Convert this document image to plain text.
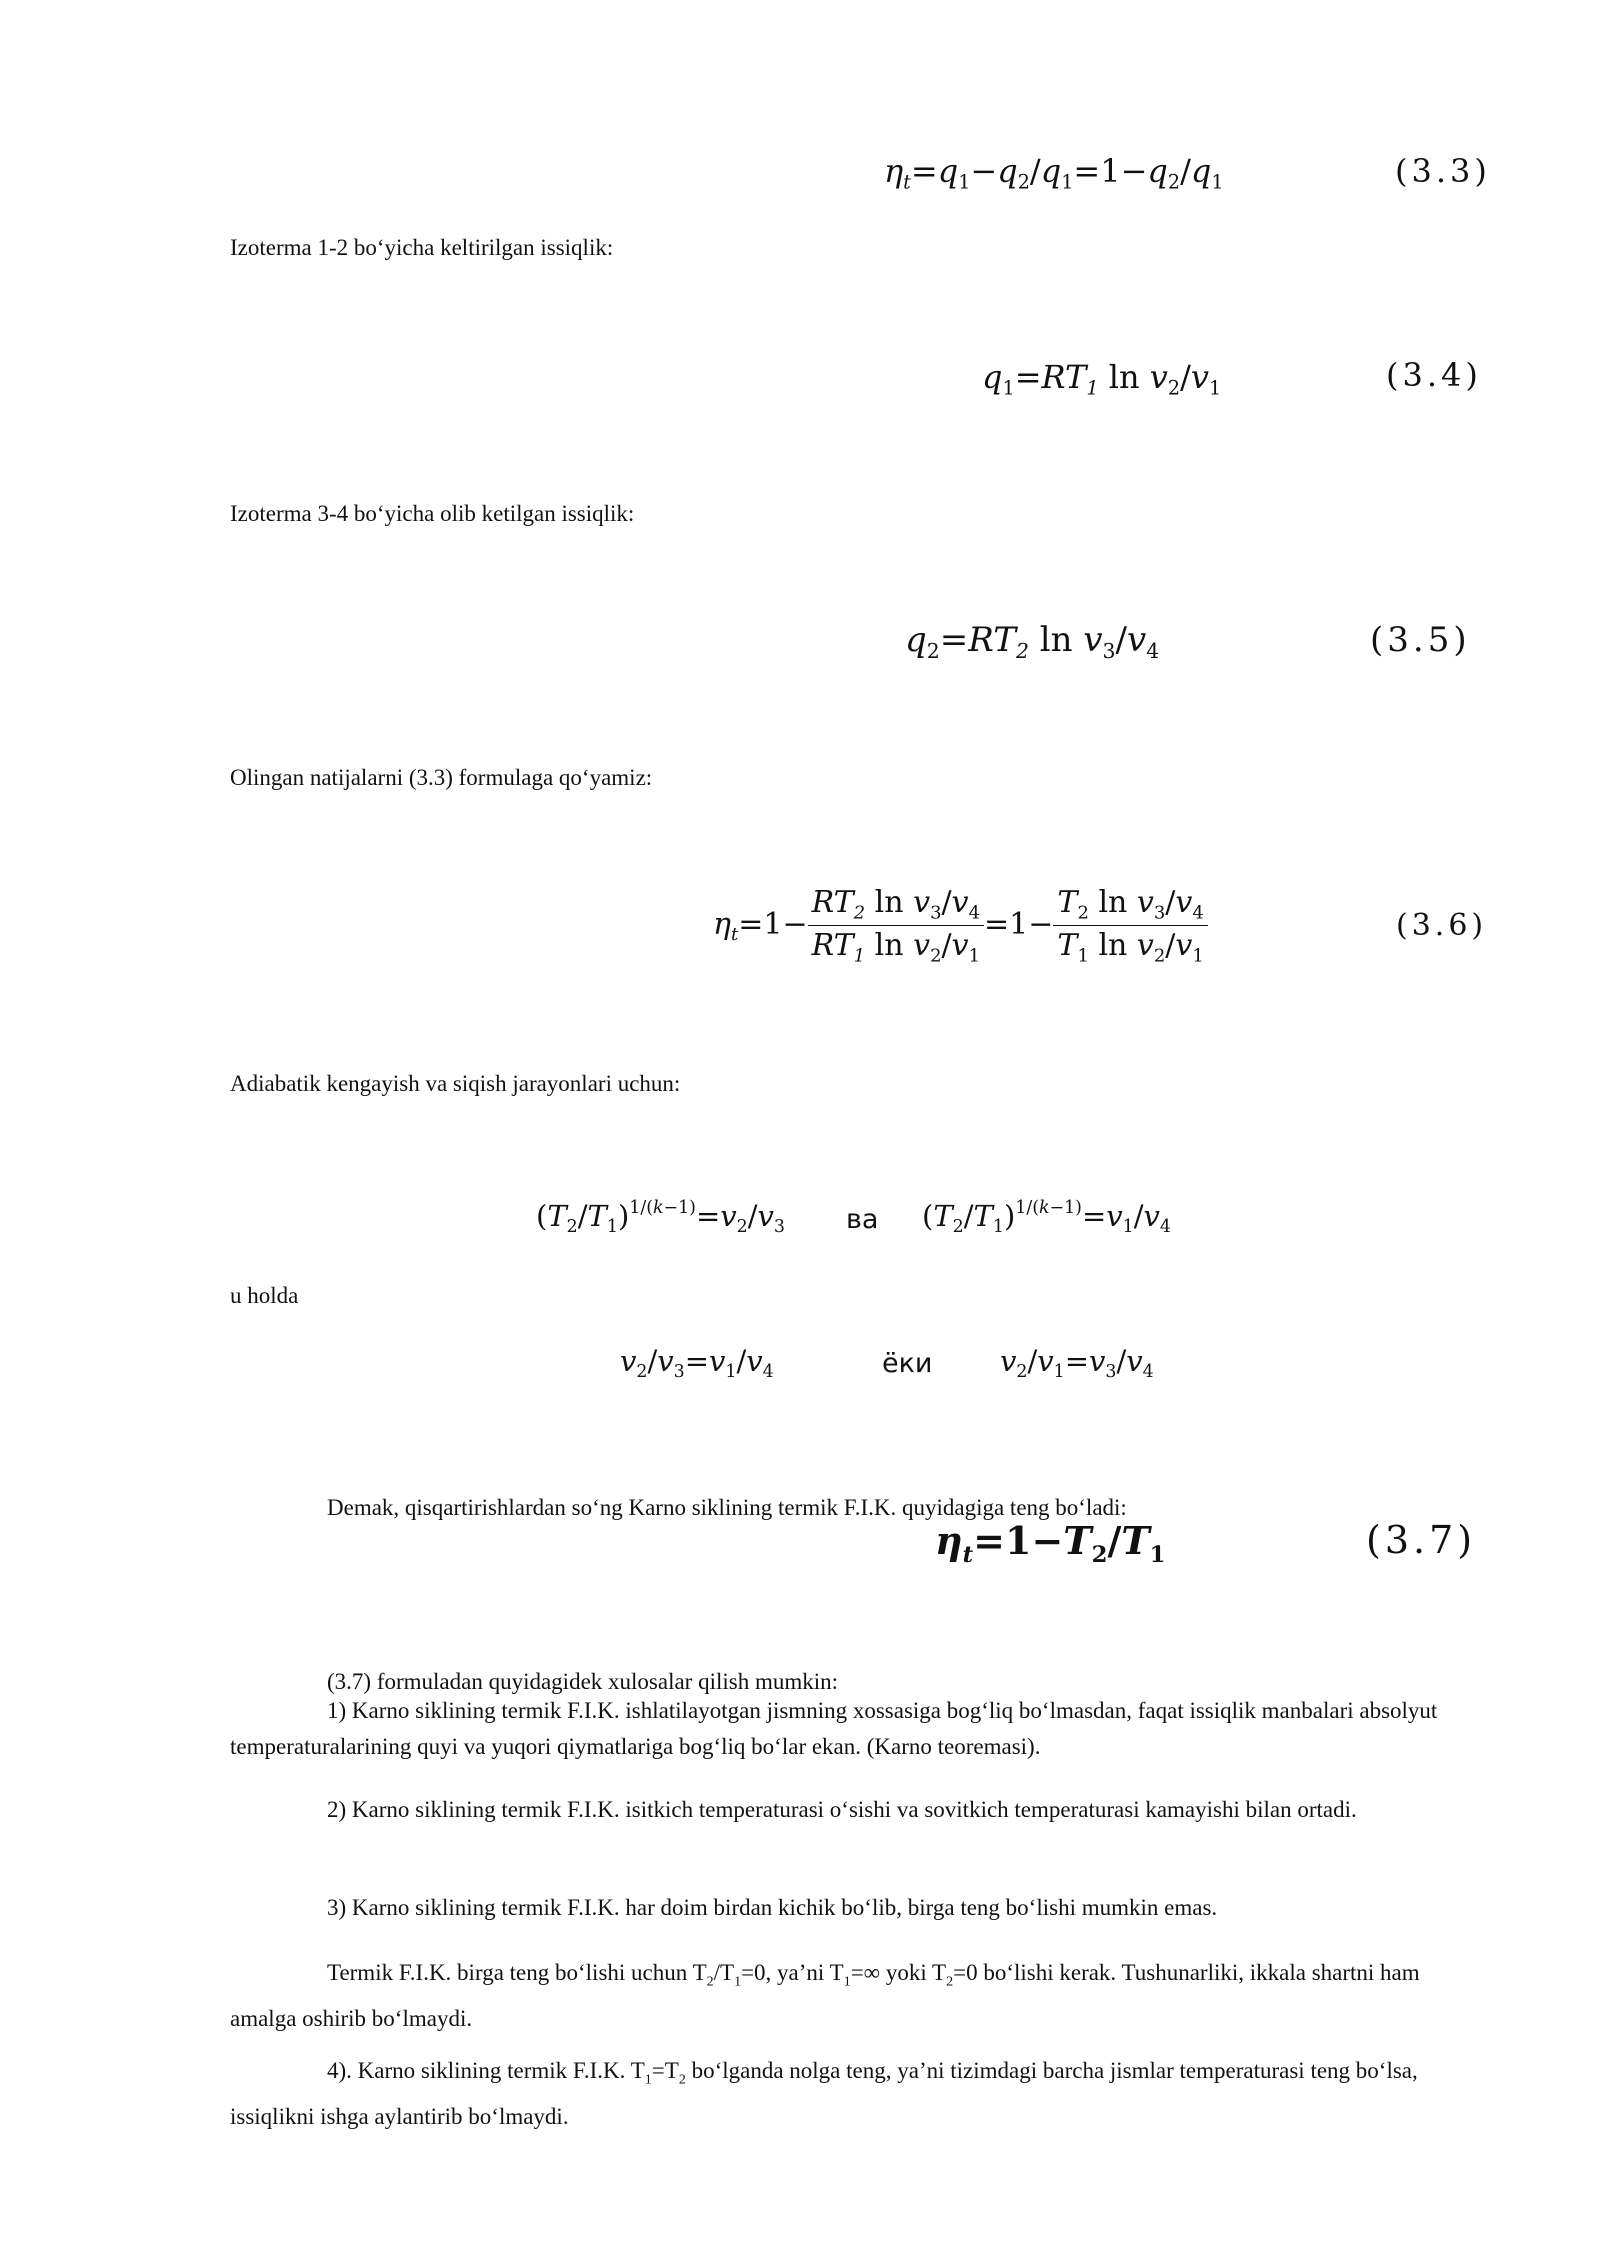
$\eta_t=q_1-q_2/q_1=1-q_2/q_1$	(3.3)
Izoterma 1-2 bo‘yicha keltirilgan issiqlik:
$q_1=RT_1$ $\ln v_2/v_1$	(3.4)
Izoterma 3-4 bo‘yicha olib ketilgan issiqlik:
$q_2=RT_2$ $\ln v_3/v_4$	(3.5)
Olingan natijalarni (3.3) formulaga qo‘yamiz:
$\eta_t=1- \frac{RT_2 \ln v_3/v_4}{RT_1 \ln v_2/v_1} =1- \frac{T_2 \ln v_3/v_4}{T_1 \ln v_2/v_1}$	(3.6)
Adiabatik kengayish va siqish jarayonlari uchun:
$(T_2/T_1)^{1/(k-1)}=v_2/v_3$ ва $(T_2/T_1)^{1/(k-1)}=v_1/v_4$
u holda
$v_2/v_3=v_1/v_4$	ёки $v_2/v_1=v_3/v_4$
Demak, qisqartirishlardan so‘ng Karno siklining termik F.I.K. quyidagiga teng bo‘ladi:
$\eta_t=1-T_2/T_1$	(3.7)
(3.7) formuladan quyidagidek xulosalar qilish mumkin:
1) Karno siklining termik F.I.K. ishlatilayotgan jismning xossasiga bog‘liq bo‘lmasdan, faqat issiqlik manbalari absolyut temperaturalarining quyi va yuqori qiymatlariga bog‘liq bo‘lar ekan. (Karno teoremasi).
2) Karno siklining termik F.I.K. isitkich temperaturasi o‘sishi va sovitkich temperaturasi kamayishi bilan ortadi.
3) Karno siklining termik F.I.K. har doim birdan kichik bo‘lib, birga teng bo‘lishi mumkin emas.
Termik F.I.K. birga teng bo‘lishi uchun $T_2/T_1=0$, ya’ni $T_1=\infty$ yoki $T_2=0$ bo‘lishi kerak. Tushunarliki, ikkala shartni ham amalga oshirib bo‘lmaydi.
4). Karno siklining termik F.I.K. $T_1=T_2$ bo‘lganda nolga teng, ya’ni tizimdagi barcha jismlar temperaturasi teng bo‘lsa, issiqlikni ishga aylantirib bo‘lmaydi.
